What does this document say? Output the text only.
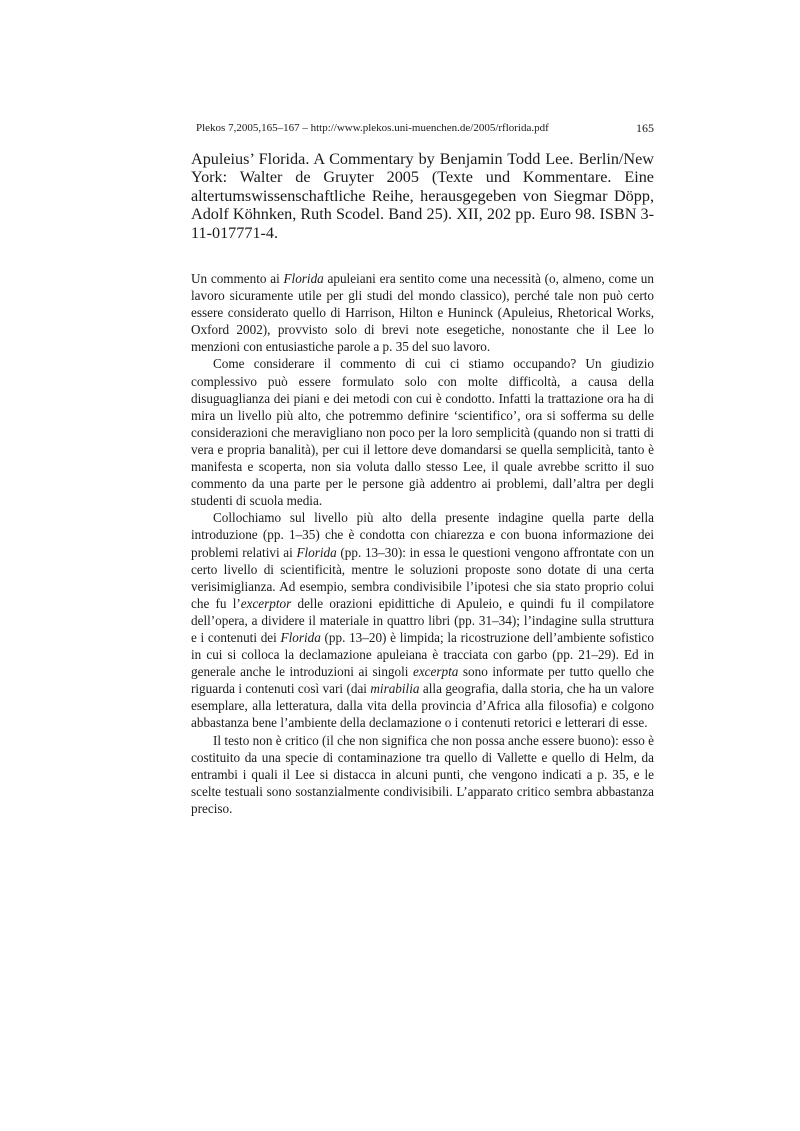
Plekos 7,2005,165–167 – http://www.plekos.uni-muenchen.de/2005/rflorida.pdf	165
Apuleius’ Florida. A Commentary by Benjamin Todd Lee. Berlin/New York: Walter de Gruyter 2005 (Texte und Kommentare. Eine altertumswissenschaftliche Reihe, herausgegeben von Siegmar Döpp, Adolf Köhnken, Ruth Scodel. Band 25). XII, 202 pp. Euro 98. ISBN 3-11-017771-4.

Un commento ai Florida apuleiani era sentito come una necessità (o, almeno, come un lavoro sicuramente utile per gli studi del mondo classico), perché tale non può certo essere considerato quello di Harrison, Hilton e Huninck (Apuleius, Rhetorical Works, Oxford 2002), provvisto solo di brevi note esegetiche, nonostante che il Lee lo menzioni con entusiastiche parole a p. 35 del suo lavoro.

Come considerare il commento di cui ci stiamo occupando? Un giudizio complessivo può essere formulato solo con molte difficoltà, a causa della disuguaglianza dei piani e dei metodi con cui è condotto. Infatti la trattazione ora ha di mira un livello più alto, che potremmo definire ‘scientifico’, ora si sofferma su delle considerazioni che meravigliano non poco per la loro semplicità (quando non si tratti di vera e propria banalità), per cui il lettore deve domandarsi se quella semplicità, tanto è manifesta e scoperta, non sia voluta dallo stesso Lee, il quale avrebbe scritto il suo commento da una parte per le persone già addentro ai problemi, dall’altra per degli studenti di scuola media.

Collochiamo sul livello più alto della presente indagine quella parte della introduzione (pp. 1–35) che è condotta con chiarezza e con buona informazione dei problemi relativi ai Florida (pp. 13–30): in essa le questioni vengono affrontate con un certo livello di scientificità, mentre le soluzioni proposte sono dotate di una certa verisimiglianza. Ad esempio, sembra condivisibile l’ipotesi che sia stato proprio colui che fu l’excerptor delle orazioni epidittiche di Apuleio, e quindi fu il compilatore dell’opera, a dividere il materiale in quattro libri (pp. 31–34); l’indagine sulla struttura e i contenuti dei Florida (pp. 13–20) è limpida; la ricostruzione dell’ambiente sofistico in cui si colloca la declamazione apuleiana è tracciata con garbo (pp. 21–29). Ed in generale anche le introduzioni ai singoli excerpta sono informate per tutto quello che riguarda i contenuti così vari (dai mirabilia alla geografia, dalla storia, che ha un valore esemplare, alla letteratura, dalla vita della provincia d’Africa alla filosofia) e colgono abbastanza bene l’ambiente della declamazione o i contenuti retorici e letterari di esse.

Il testo non è critico (il che non significa che non possa anche essere buono): esso è costituito da una specie di contaminazione tra quello di Vallette e quello di Helm, da entrambi i quali il Lee si distacca in alcuni punti, che vengono indicati a p. 35, e le scelte testuali sono sostanzialmente condivisibili. L’apparato critico sembra abbastanza preciso.
